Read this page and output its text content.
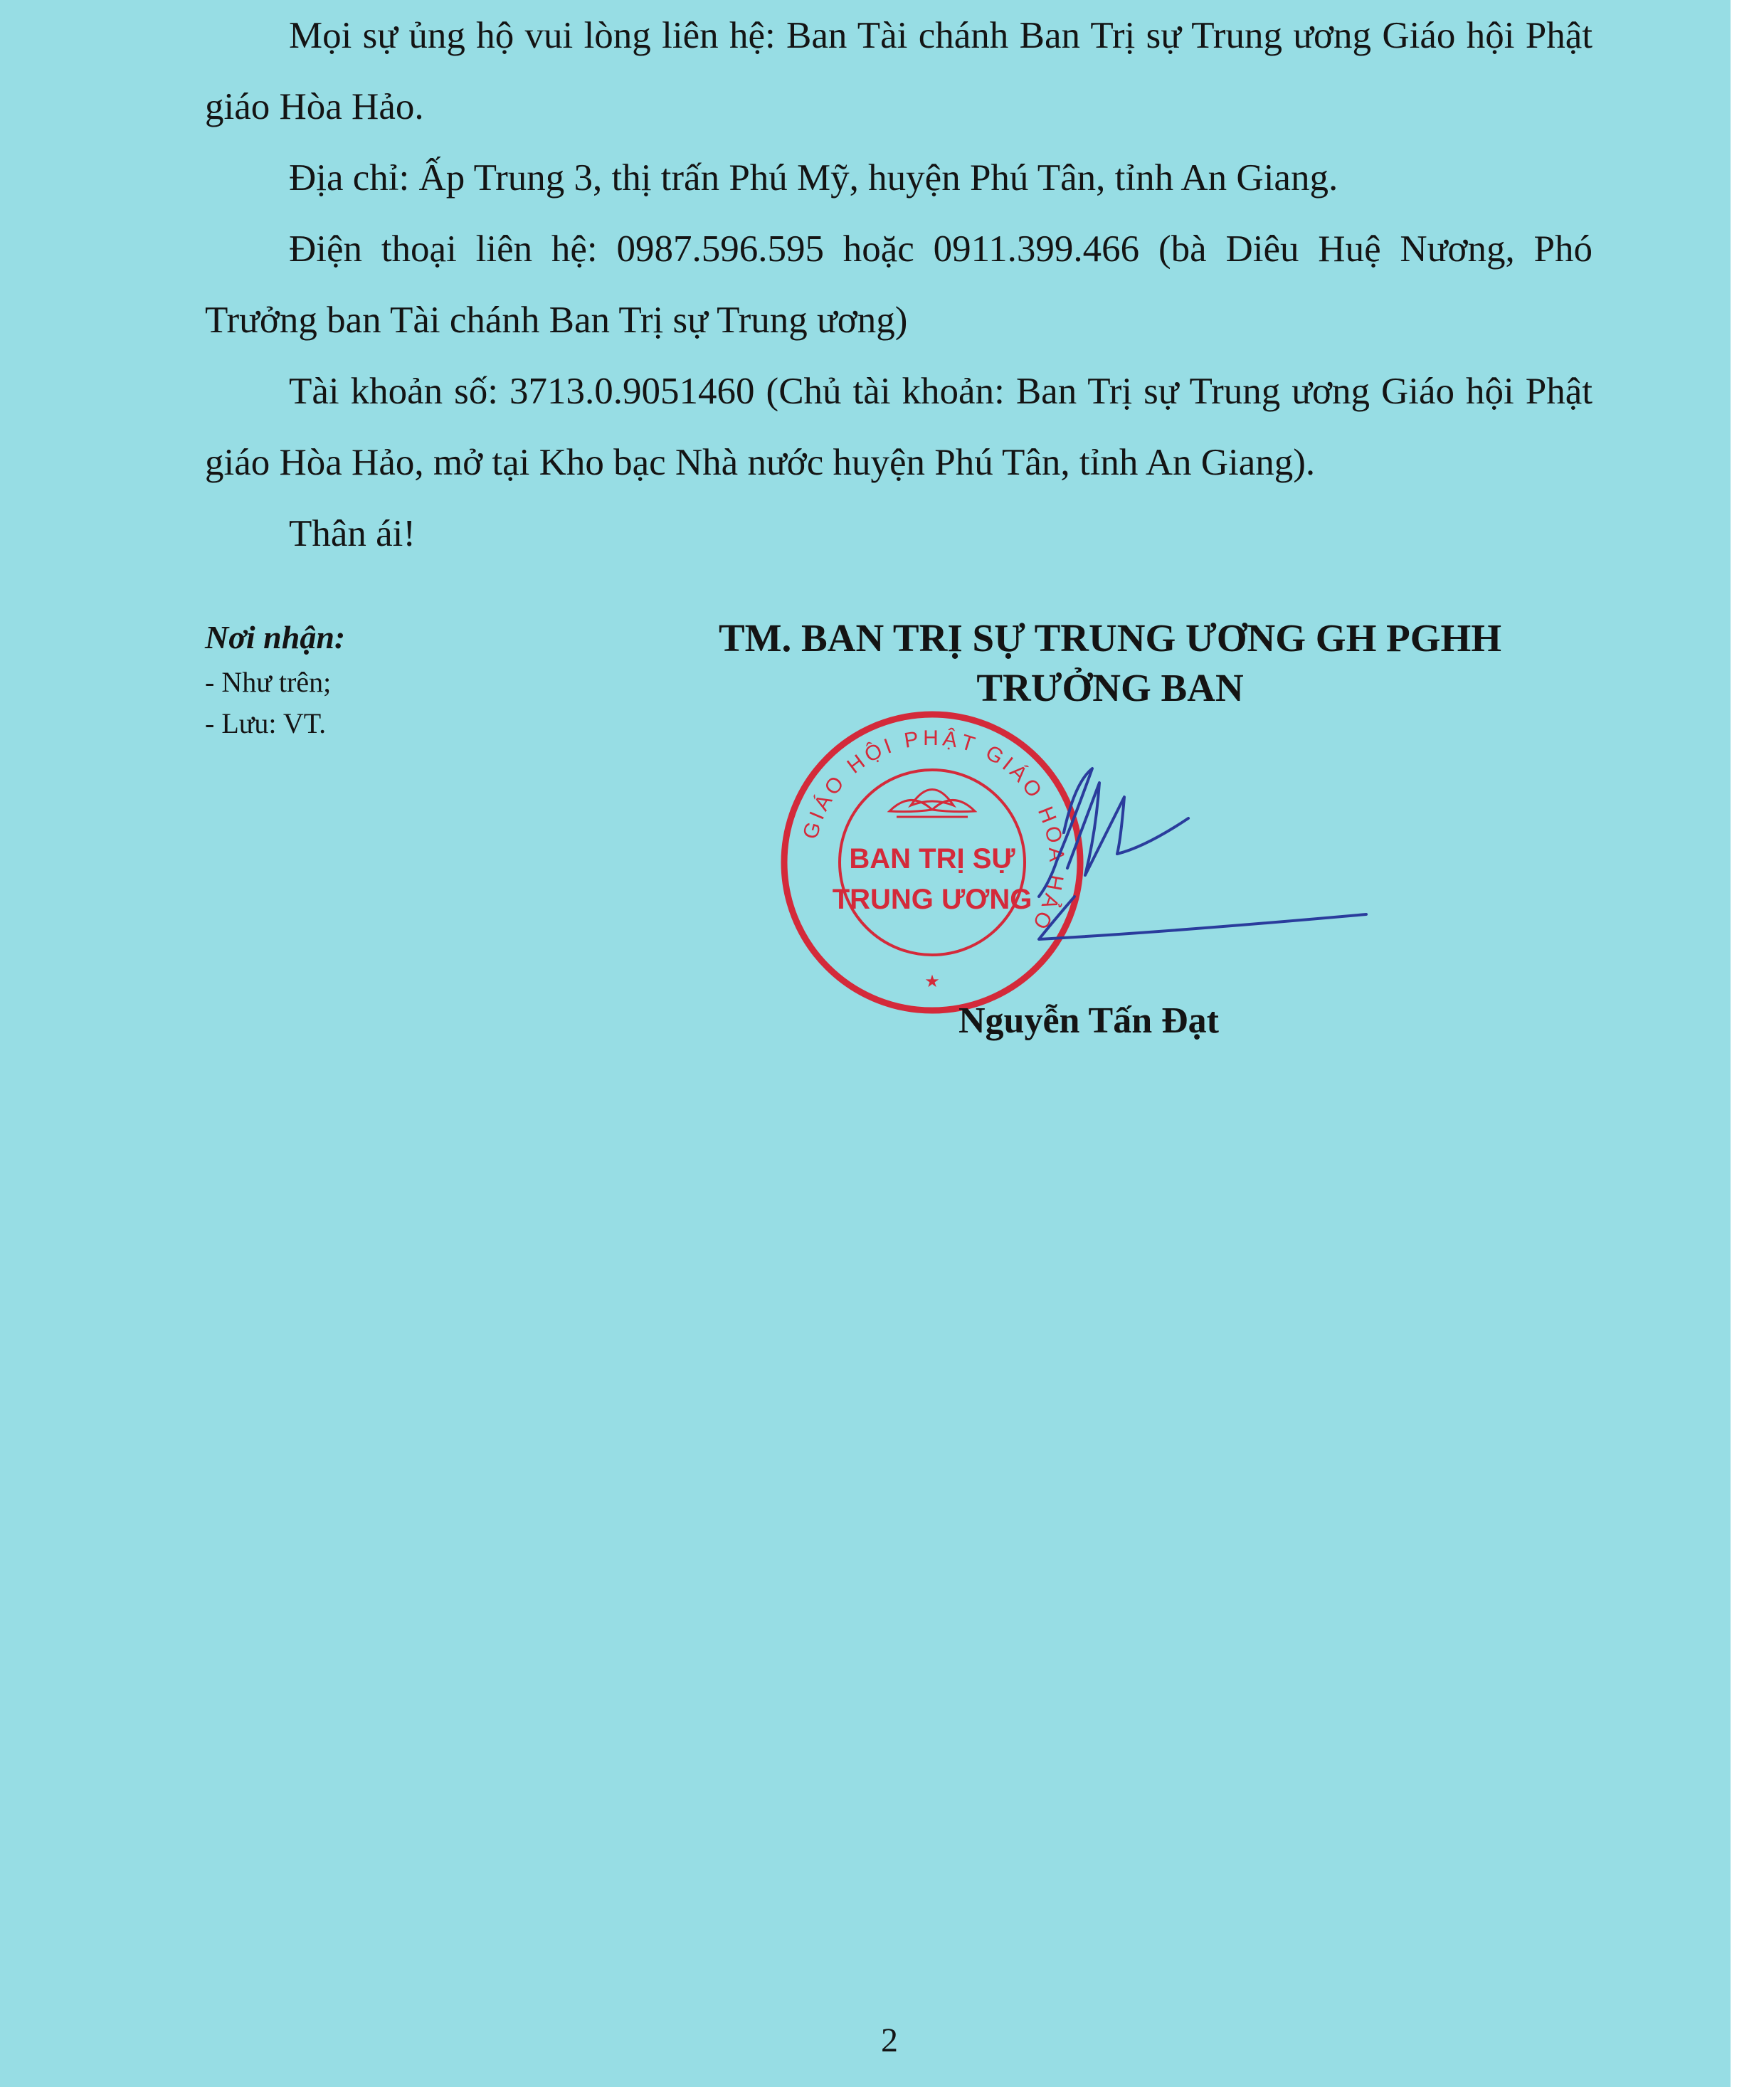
Mọi sự ủng hộ vui lòng liên hệ: Ban Tài chánh Ban Trị sự Trung ương Giáo hội Phật giáo Hòa Hảo.

Địa chỉ: Ấp Trung 3, thị trấn Phú Mỹ, huyện Phú Tân, tỉnh An Giang.

Điện thoại liên hệ: 0987.596.595 hoặc 0911.399.466 (bà Diêu Huệ Nương, Phó Trưởng ban Tài chánh Ban Trị sự Trung ương)

Tài khoản số: 3713.0.9051460 (Chủ tài khoản: Ban Trị sự Trung ương Giáo hội Phật giáo Hòa Hảo, mở tại Kho bạc Nhà nước huyện Phú Tân, tỉnh An Giang).

Thân ái!

Nơi nhận:
- Như trên;
- Lưu: VT.
TM. BAN TRỊ SỰ TRUNG ƯƠNG GH PGHH
TRƯỞNG BAN
GIÁO HỘI PHẬT GIÁO HÒA HẢO
BAN TRỊ SỰ
TRUNG ƯƠNG
★
Nguyễn Tấn Đạt
2
